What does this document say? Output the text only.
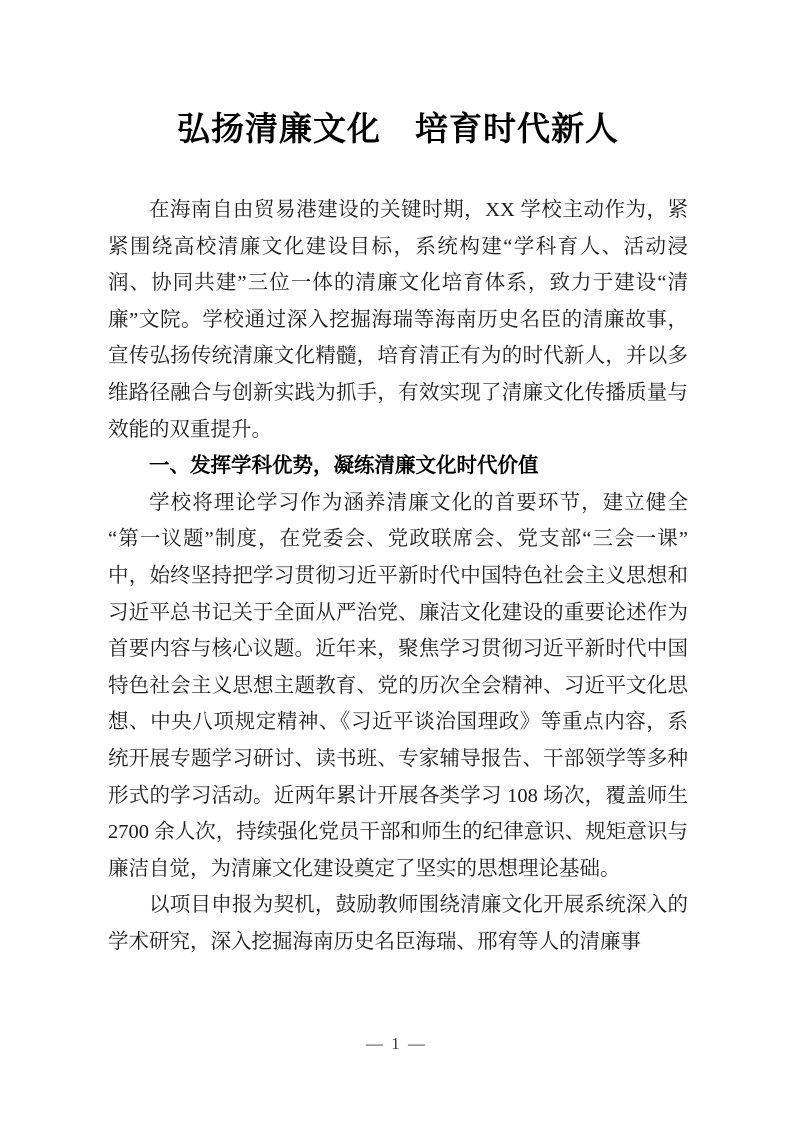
弘扬清廉文化　培育时代新人

在海南自由贸易港建设的关键时期，XX 学校主动作为，紧紧围绕高校清廉文化建设目标，系统构建“学科育人、活动浸润、协同共建”三位一体的清廉文化培育体系，致力于建设“清廉”文院。学校通过深入挖掘海瑞等海南历史名臣的清廉故事，宣传弘扬传统清廉文化精髓，培育清正有为的时代新人，并以多维路径融合与创新实践为抓手，有效实现了清廉文化传播质量与效能的双重提升。

一、发挥学科优势，凝练清廉文化时代价值

学校将理论学习作为涵养清廉文化的首要环节，建立健全“第一议题”制度，在党委会、党政联席会、党支部“三会一课”中，始终坚持把学习贯彻习近平新时代中国特色社会主义思想和习近平总书记关于全面从严治党、廉洁文化建设的重要论述作为首要内容与核心议题。近年来，聚焦学习贯彻习近平新时代中国特色社会主义思想主题教育、党的历次全会精神、习近平文化思想、中央八项规定精神、《习近平谈治国理政》等重点内容，系统开展专题学习研讨、读书班、专家辅导报告、干部领学等多种形式的学习活动。近两年累计开展各类学习 108 场次，覆盖师生 2700 余人次，持续强化党员干部和师生的纪律意识、规矩意识与廉洁自觉，为清廉文化建设奠定了坚实的思想理论基础。

以项目申报为契机，鼓励教师围绕清廉文化开展系统深入的学术研究，深入挖掘海南历史名臣海瑞、邢宥等人的清廉事

— 1 —
